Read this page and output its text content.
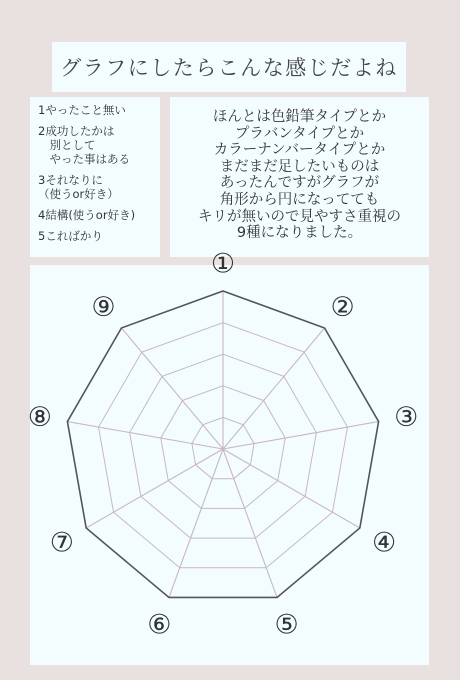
グラフにしたらこんな感じだよね
1やったこと無い
2成功したかは
　別として
　やった事はある
3それなりに
（使うor好き）
4結構(使うor好き)
5こればかり
ほんとは色鉛筆タイプとか
プラバンタイプとか
カラーナンバータイプとか
まだまだ足したいものは
あったんですがグラフが
角形から円になってても
キリが無いので見やすさ重視の
9種になりました。
①
②
③
④
⑤
⑥
⑦
⑧
⑨
